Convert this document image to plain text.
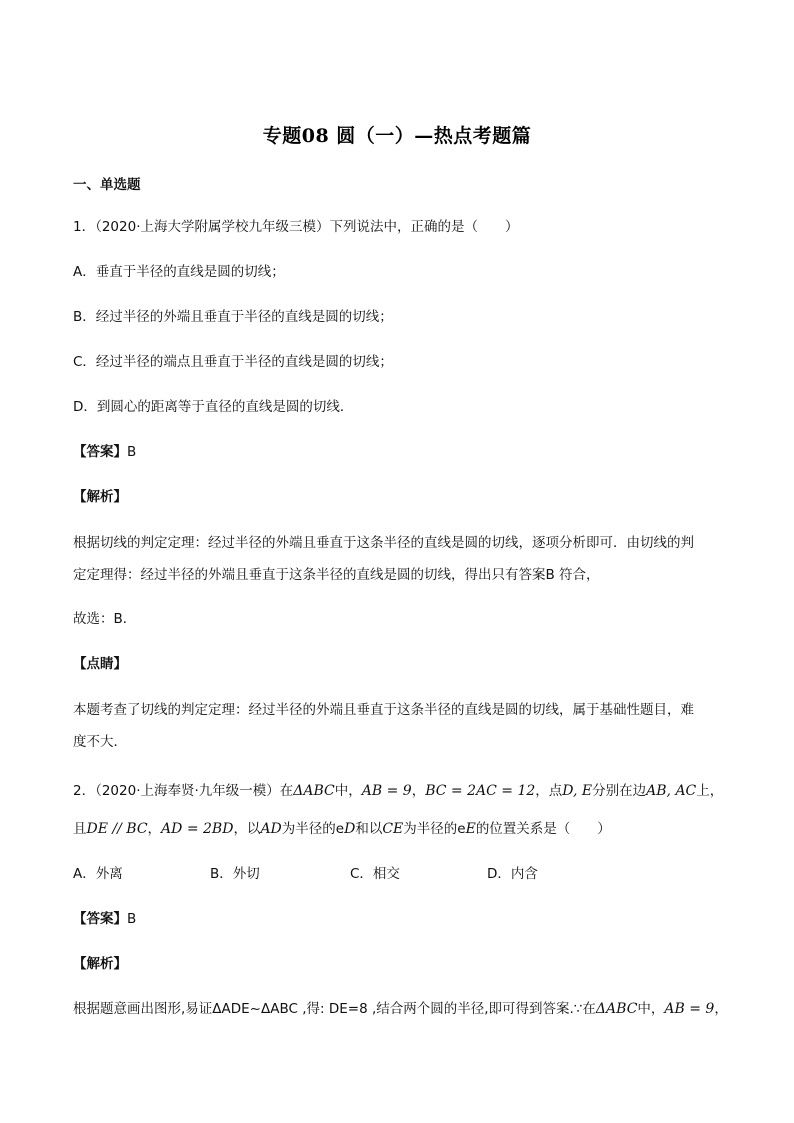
专题08 圆（一）—热点考题篇
一、单选题
1．（2020·上海大学附属学校九年级三模）下列说法中，正确的是（　　）
A．垂直于半径的直线是圆的切线；
B．经过半径的外端且垂直于半径的直线是圆的切线；
C．经过半径的端点且垂直于半径的直线是圆的切线；
D．到圆心的距离等于直径的直线是圆的切线．
【答案】B
【解析】
根据切线的判定定理：经过半径的外端且垂直于这条半径的直线是圆的切线，逐项分析即可．由切线的判
定定理得：经过半径的外端且垂直于这条半径的直线是圆的切线，得出只有答案B 符合，
故选：B．
【点睛】
本题考查了切线的判定定理：经过半径的外端且垂直于这条半径的直线是圆的切线，属于基础性题目，难
度不大．
2．（2020·上海奉贤·九年级一模）在ΔABC中，AB = 9，BC = 2AC = 12，点D, E分别在边AB, AC上，
且DE // BC，AD = 2BD，以AD为半径的eD和以CE为半径的eE的位置关系是（　　）
A．外离	B．外切	C．相交	D．内含
【答案】B
【解析】
根据题意画出图形,易证ΔADE~ΔABC ,得: DE=8 ,结合两个圆的半径,即可得到答案.∵在ΔABC中，AB = 9，
